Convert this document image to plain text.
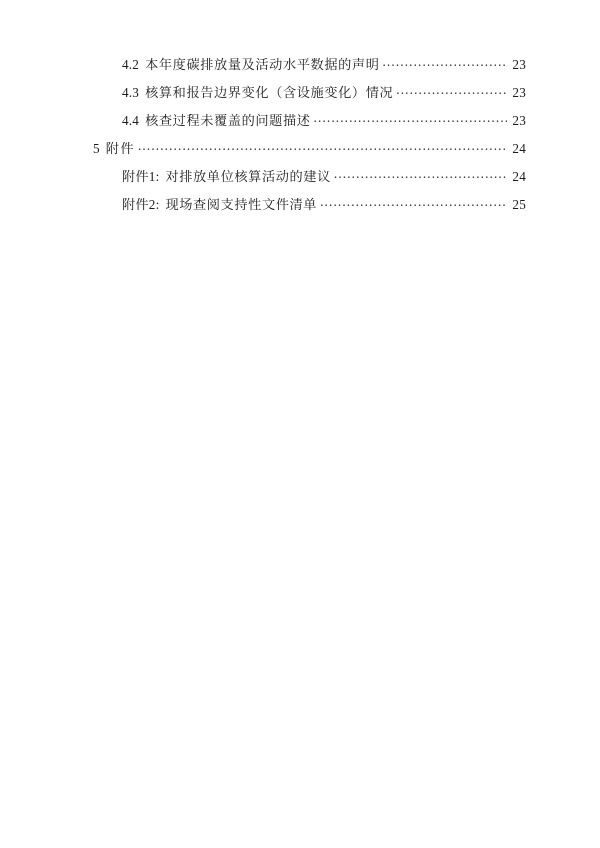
4.2 本年度碳排放量及活动水平数据的声明 .....	23
4.3 核算和报告边界变化（含设施变化）情况 .....	23
4.4 核查过程未覆盖的问题描述 .....	23
5 附件 .....	24
附件1: 对排放单位核算活动的建议 .....	24
附件2: 现场查阅支持性文件清单 .....	25
